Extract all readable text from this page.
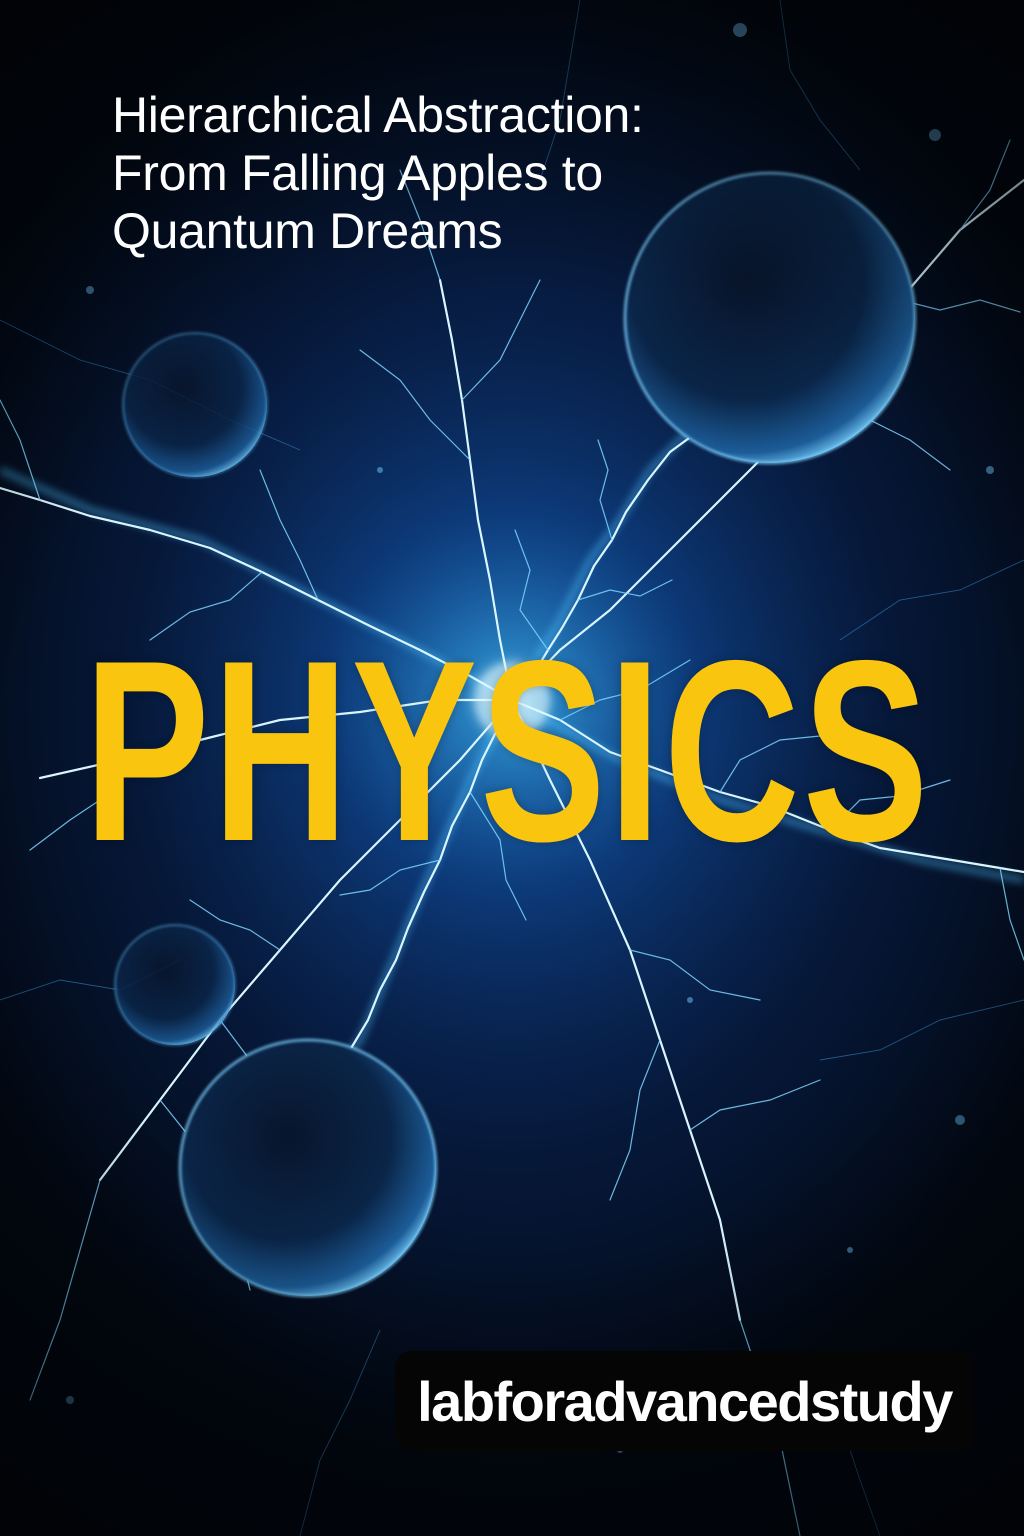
Hierarchical Abstraction:
From Falling Apples to
Quantum Dreams
PHYSICS
labforadvancedstudy
